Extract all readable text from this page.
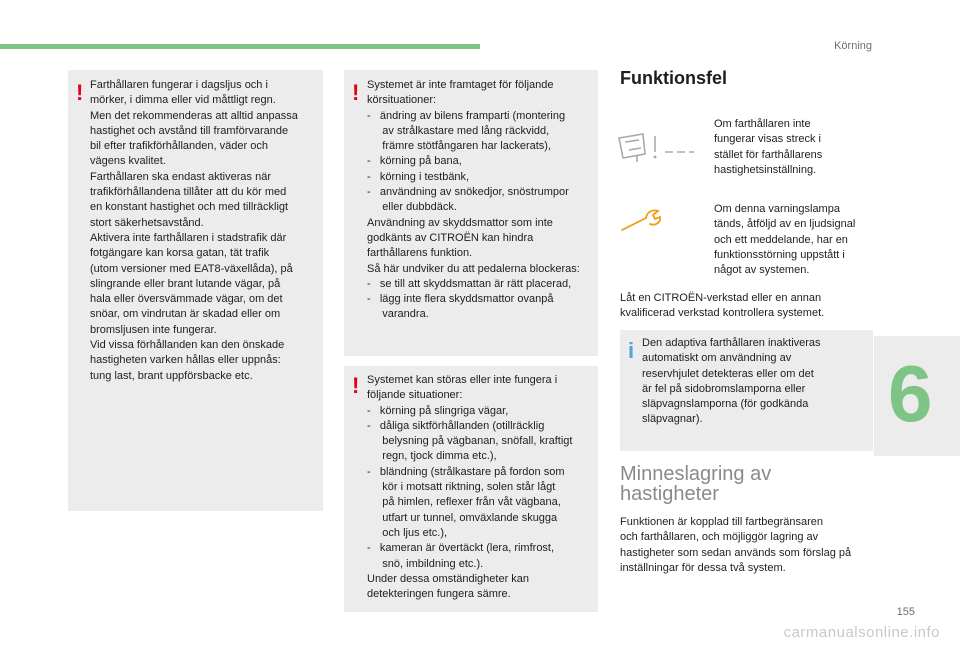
Körning
! Farthållaren fungerar i dagsljus och i
mörker, i dimma eller vid måttligt regn.
Men det rekommenderas att alltid anpassa
hastighet och avstånd till framförvarande
bil efter trafikförhållanden, väder och
vägens kvalitet.
Farthållaren ska endast aktiveras när
trafikförhållandena tillåter att du kör med
en konstant hastighet och med tillräckligt
stort säkerhetsavstånd.
Aktivera inte farthållaren i stadstrafik där
fotgängare kan korsa gatan, tät trafik
(utom versioner med EAT8-växellåda), på
slingrande eller brant lutande vägar, på
hala eller översvämmade vägar, om det
snöar, om vindrutan är skadad eller om
bromsljusen inte fungerar.
Vid vissa förhållanden kan den önskade
hastigheten varken hållas eller uppnås:
tung last, brant uppförsbacke etc.
! Systemet är inte framtaget för följande
körsituationer:
-   ändring av bilens framparti (montering
av strålkastare med lång räckvidd,
främre stötfångaren har lackerats),
-   körning på bana,
-   körning i testbänk,
-   användning av snökedjor, snöstrumpor
eller dubbdäck.
Användning av skyddsmattor som inte
godkänts av CITROËN kan hindra
farthållarens funktion.
Så här undviker du att pedalerna blockeras:
-   se till att skyddsmattan är rätt placerad,
-   lägg inte flera skyddsmattor ovanpå
varandra.
! Systemet kan störas eller inte fungera i
följande situationer:
-   körning på slingriga vägar,
-   dåliga siktförhållanden (otillräcklig
belysning på vägbanan, snöfall, kraftigt
regn, tjock dimma etc.),
-   bländning (strålkastare på fordon som
kör i motsatt riktning, solen står lågt
på himlen, reflexer från våt vägbana,
utfart ur tunnel, omväxlande skugga
och ljus etc.),
-   kameran är övertäckt (lera, rimfrost,
snö, imbildning etc.).
Under dessa omständigheter kan
detekteringen fungera sämre.
Funktionsfel
Om farthållaren inte
fungerar visas streck i
stället för farthållarens
hastighetsinställning.
Om denna varningslampa
tänds, åtföljd av en ljudsignal
och ett meddelande, har en
funktionsstörning uppstått i
något av systemen.
Låt en CITROËN-verkstad eller en annan
kvalificerad verkstad kontrollera systemet.
i Den adaptiva farthållaren inaktiveras
automatiskt om användning av
reservhjulet detekteras eller om det
är fel på sidobromslamporna eller
släpvagnslamporna (för godkända
släpvagnar).
Minneslagring av
hastigheter
Funktionen är kopplad till fartbegränsaren
och farthållaren, och möjliggör lagring av
hastigheter som sedan används som förslag på
inställningar för dessa två system.
6
155
carmanualsonline.info
